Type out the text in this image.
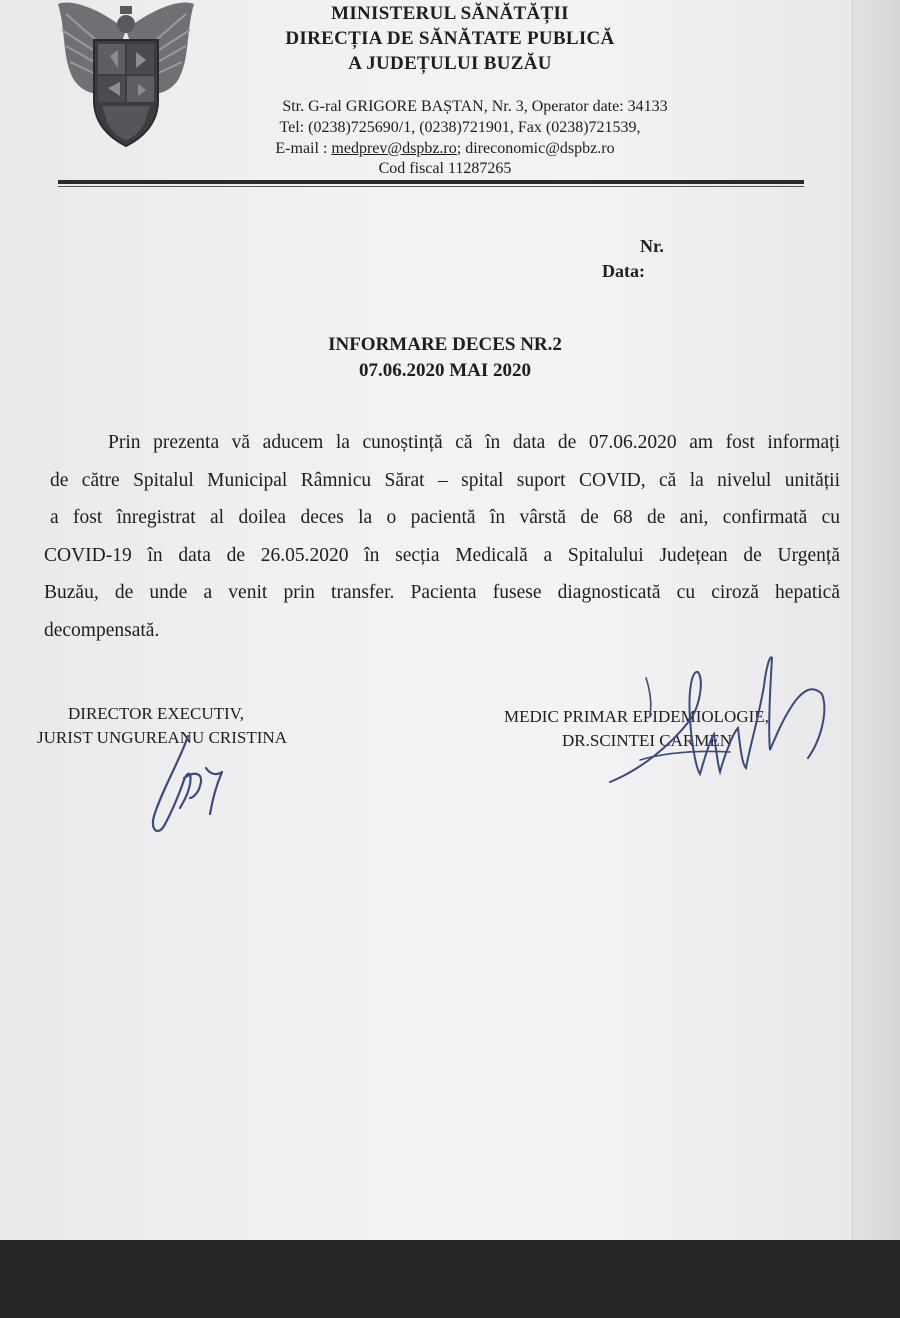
MINISTERUL SĂNĂTĂȚII
DIRECȚIA DE SĂNĂTATE PUBLICĂ
A JUDEȚULUI BUZĂU
Str. G-ral GRIGORE BAȘTAN, Nr. 3, Operator date: 34133
Tel: (0238)725690/1, (0238)721901, Fax (0238)721539,
E-mail : medprev@dspbz.ro; direconomic@dspbz.ro
Cod fiscal 11287265
Nr.
Data:
INFORMARE DECES NR.2
07.06.2020 MAI 2020
Prin prezenta vă aducem la cunoștință că în data de 07.06.2020 am fost informați
de către Spitalul Municipal Râmnicu Sărat – spital suport COVID, că la nivelul unității
a fost înregistrat al doilea deces la o pacientă în vârstă de 68 de ani, confirmată cu
COVID-19 în data de 26.05.2020 în secția Medicală a Spitalului Județean de Urgență
Buzău, de unde a venit prin transfer. Pacienta fusese diagnosticată cu ciroză hepatică
decompensată.
DIRECTOR EXECUTIV,
JURIST UNGUREANU CRISTINA
MEDIC PRIMAR EPIDEMIOLOGIE,
DR.SCINTEI CARMEN
